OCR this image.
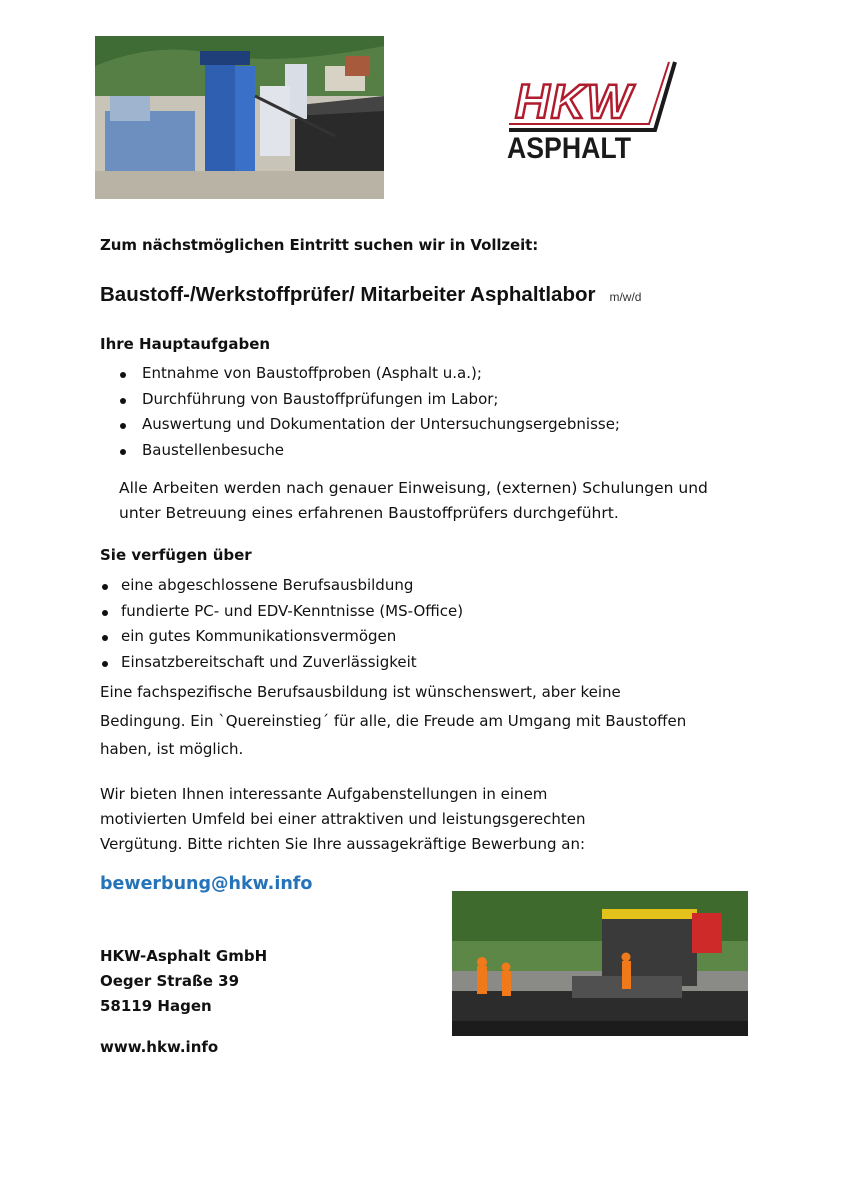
HKW
ASPHALT
Zum nächstmöglichen Eintritt suchen wir in Vollzeit:
Baustoff-/Werkstoffprüfer/ Mitarbeiter Asphaltlabor m/w/d
Ihre Hauptaufgaben
Entnahme von Baustoffproben (Asphalt u.a.);
Durchführung von Baustoffprüfungen im Labor;
Auswertung und Dokumentation der Untersuchungsergebnisse;
Baustellenbesuche
Alle Arbeiten werden nach genauer Einweisung, (externen) Schulungen und
unter Betreuung eines erfahrenen Baustoffprüfers durchgeführt.
Sie verfügen über
eine abgeschlossene Berufsausbildung
fundierte PC- und EDV-Kenntnisse (MS-Office)
ein gutes Kommunikationsvermögen
Einsatzbereitschaft und Zuverlässigkeit
Eine fachspezifische Berufsausbildung ist wünschenswert, aber keine
Bedingung. Ein `Quereinstieg´ für alle, die Freude am Umgang mit Baustoffen
haben, ist möglich.
Wir bieten Ihnen interessante Aufgabenstellungen in einem
motivierten Umfeld bei einer attraktiven und leistungsgerechten
Vergütung. Bitte richten Sie Ihre aussagekräftige Bewerbung an:
bewerbung@hkw.info
HKW-Asphalt GmbH
Oeger Straße 39
58119 Hagen
www.hkw.info
